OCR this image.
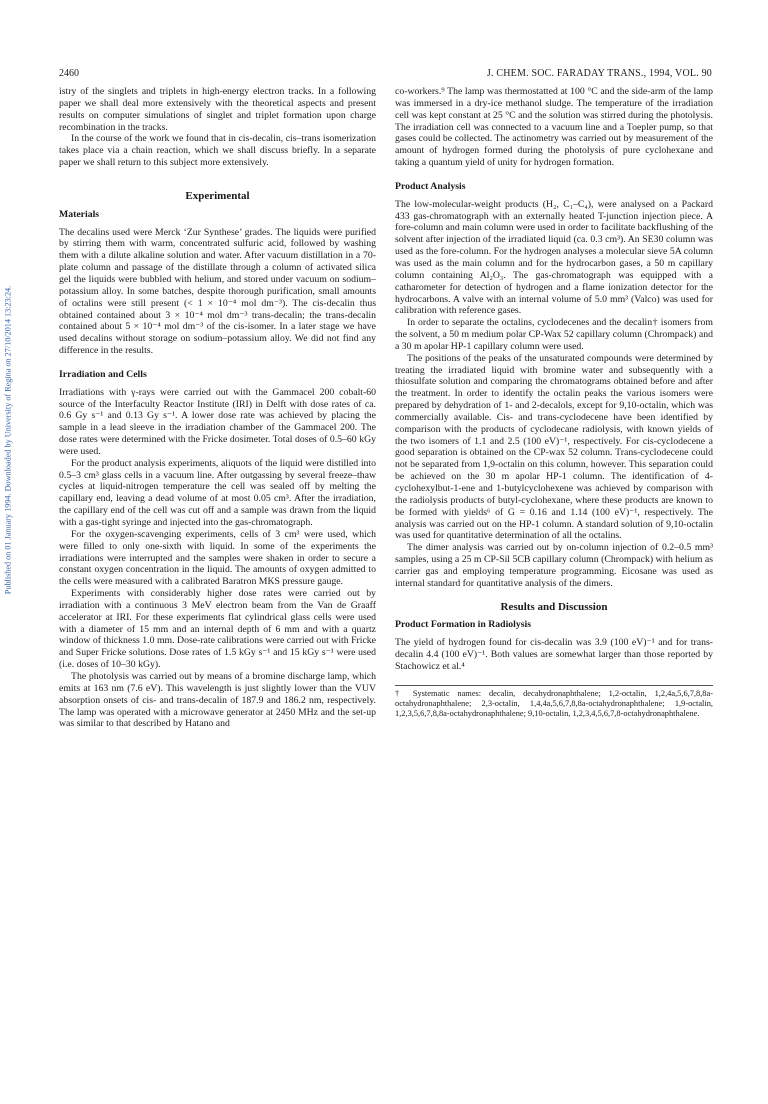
2460	J. CHEM. SOC. FARADAY TRANS., 1994, VOL. 90
Published on 01 January 1994. Downloaded by University of Regina on 27/10/2014 13:23:24.

istry of the singlets and triplets in high-energy electron tracks. In a following paper we shall deal more extensively with the theoretical aspects and present results on computer simulations of singlet and triplet formation upon charge recombination in the tracks.

In the course of the work we found that in cis-decalin, cis–trans isomerization takes place via a chain reaction, which we shall discuss briefly. In a separate paper we shall return to this subject more extensively.

Experimental
Materials

The decalins used were Merck ‘Zur Synthese’ grades. The liquids were purified by stirring them with warm, concentrated sulfuric acid, followed by washing them with a dilute alkaline solution and water. After vacuum distillation in a 70-plate column and passage of the distillate through a column of activated silica gel the liquids were bubbled with helium, and stored under vacuum on sodium–potassium alloy. In some batches, despite thorough purification, small amounts of octalins were still present (< 1 × 10⁻⁴ mol dm⁻³). The cis-decalin thus obtained contained about 3 × 10⁻⁴ mol dm⁻³ trans-decalin; the trans-decalin contained about 5 × 10⁻⁴ mol dm⁻³ of the cis-isomer. In a later stage we have used decalins without storage on sodium–potassium alloy. We did not find any difference in the results.

Irradiation and Cells

Irradiations with γ-rays were carried out with the Gammacel 200 cobalt-60 source of the Interfaculty Reactor Institute (IRI) in Delft with dose rates of ca. 0.6 Gy s⁻¹ and 0.13 Gy s⁻¹. A lower dose rate was achieved by placing the sample in a lead sleeve in the irradiation chamber of the Gammacel 200. The dose rates were determined with the Fricke dosimeter. Total doses of 0.5–60 kGy were used.

For the product analysis experiments, aliquots of the liquid were distilled into 0.5–3 cm³ glass cells in a vacuum line. After outgassing by several freeze–thaw cycles at liquid-nitrogen temperature the cell was sealed off by melting the capillary end, leaving a dead volume of at most 0.05 cm³. After the irradiation, the capillary end of the cell was cut off and a sample was drawn from the liquid with a gas-tight syringe and injected into the gas-chromatograph.

For the oxygen-scavenging experiments, cells of 3 cm³ were used, which were filled to only one-sixth with liquid. In some of the experiments the irradiations were interrupted and the samples were shaken in order to secure a constant oxygen concentration in the liquid. The amounts of oxygen admitted to the cells were measured with a calibrated Baratron MKS pressure gauge.

Experiments with considerably higher dose rates were carried out by irradiation with a continuous 3 MeV electron beam from the Van de Graaff accelerator at IRI. For these experiments flat cylindrical glass cells were used with a diameter of 15 mm and an internal depth of 6 mm and with a quartz window of thickness 1.0 mm. Dose-rate calibrations were carried out with Fricke and Super Fricke solutions. Dose rates of 1.5 kGy s⁻¹ and 15 kGy s⁻¹ were used (i.e. doses of 10–30 kGy).

The photolysis was carried out by means of a bromine discharge lamp, which emits at 163 nm (7.6 eV). This wavelength is just slightly lower than the VUV absorption onsets of cis- and trans-decalin of 187.9 and 186.2 nm, respectively. The lamp was operated with a microwave generator at 2450 MHz and the set-up was similar to that described by Hatano and

co-workers.⁹ The lamp was thermostatted at 100 °C and the side-arm of the lamp was immersed in a dry-ice methanol sludge. The temperature of the irradiation cell was kept constant at 25 °C and the solution was stirred during the photolysis. The irradiation cell was connected to a vacuum line and a Toepler pump, so that gases could be collected. The actinometry was carried out by measurement of the amount of hydrogen formed during the photolysis of pure cyclohexane and taking a quantum yield of unity for hydrogen formation.

Product Analysis

The low-molecular-weight products (H₂, C₁–C₄), were analysed on a Packard 433 gas-chromatograph with an externally heated T-junction injection piece. A fore-column and main column were used in order to facilitate backflushing of the solvent after injection of the irradiated liquid (ca. 0.3 cm³). An SE30 column was used as the fore-column. For the hydrogen analyses a molecular sieve 5A column was used as the main column and for the hydrocarbon gases, a 50 m capillary column containing Al₂O₃. The gas-chromatograph was equipped with a catharometer for detection of hydrogen and a flame ionization detector for the hydrocarbons. A valve with an internal volume of 5.0 mm³ (Valco) was used for calibration with reference gases.

In order to separate the octalins, cyclodecenes and the decalin† isomers from the solvent, a 50 m medium polar CP-Wax 52 capillary column (Chrompack) and a 30 m apolar HP-1 capillary column were used.

The positions of the peaks of the unsaturated compounds were determined by treating the irradiated liquid with bromine water and subsequently with a thiosulfate solution and comparing the chromatograms obtained before and after the treatment. In order to identify the octalin peaks the various isomers were prepared by dehydration of 1- and 2-decalols, except for 9,10-octalin, which was commercially available. Cis- and trans-cyclodecene have been identified by comparison with the products of cyclodecane radiolysis, with known yields of the two isomers of 1.1 and 2.5 (100 eV)⁻¹, respectively. For cis-cyclodecene a good separation is obtained on the CP-wax 52 column. Trans-cyclodecene could not be separated from 1,9-octalin on this column, however. This separation could be achieved on the 30 m apolar HP-1 column. The identification of 4-cyclohexylbut-1-ene and 1-butylcyclohexene was achieved by comparison with the radiolysis products of butyl-cyclohexane, where these products are known to be formed with yields⁶ of G = 0.16 and 1.14 (100 eV)⁻¹, respectively. The analysis was carried out on the HP-1 column. A standard solution of 9,10-octalin was used for quantitative determination of all the octalins.

The dimer analysis was carried out by on-column injection of 0.2–0.5 mm³ samples, using a 25 m CP-Sil 5CB capillary column (Chrompack) with helium as carrier gas and employing temperature programming. Eicosane was used as internal standard for quantitative analysis of the dimers.

Results and Discussion
Product Formation in Radiolysis

The yield of hydrogen found for cis-decalin was 3.9 (100 eV)⁻¹ and for trans-decalin 4.4 (100 eV)⁻¹. Both values are somewhat larger than those reported by Stachowicz et al.⁴

† Systematic names: decalin, decahydronaphthalene; 1,2-octalin, 1,2,4a,5,6,7,8,8a-octahydronaphthalene; 2,3-octalin, 1,4,4a,5,6,7,8,8a-octahydronaphthalene; 1,9-octalin, 1,2,3,5,6,7,8,8a-octahydronaphthalene; 9,10-octalin, 1,2,3,4,5,6,7,8-octahydronaphthalene.
